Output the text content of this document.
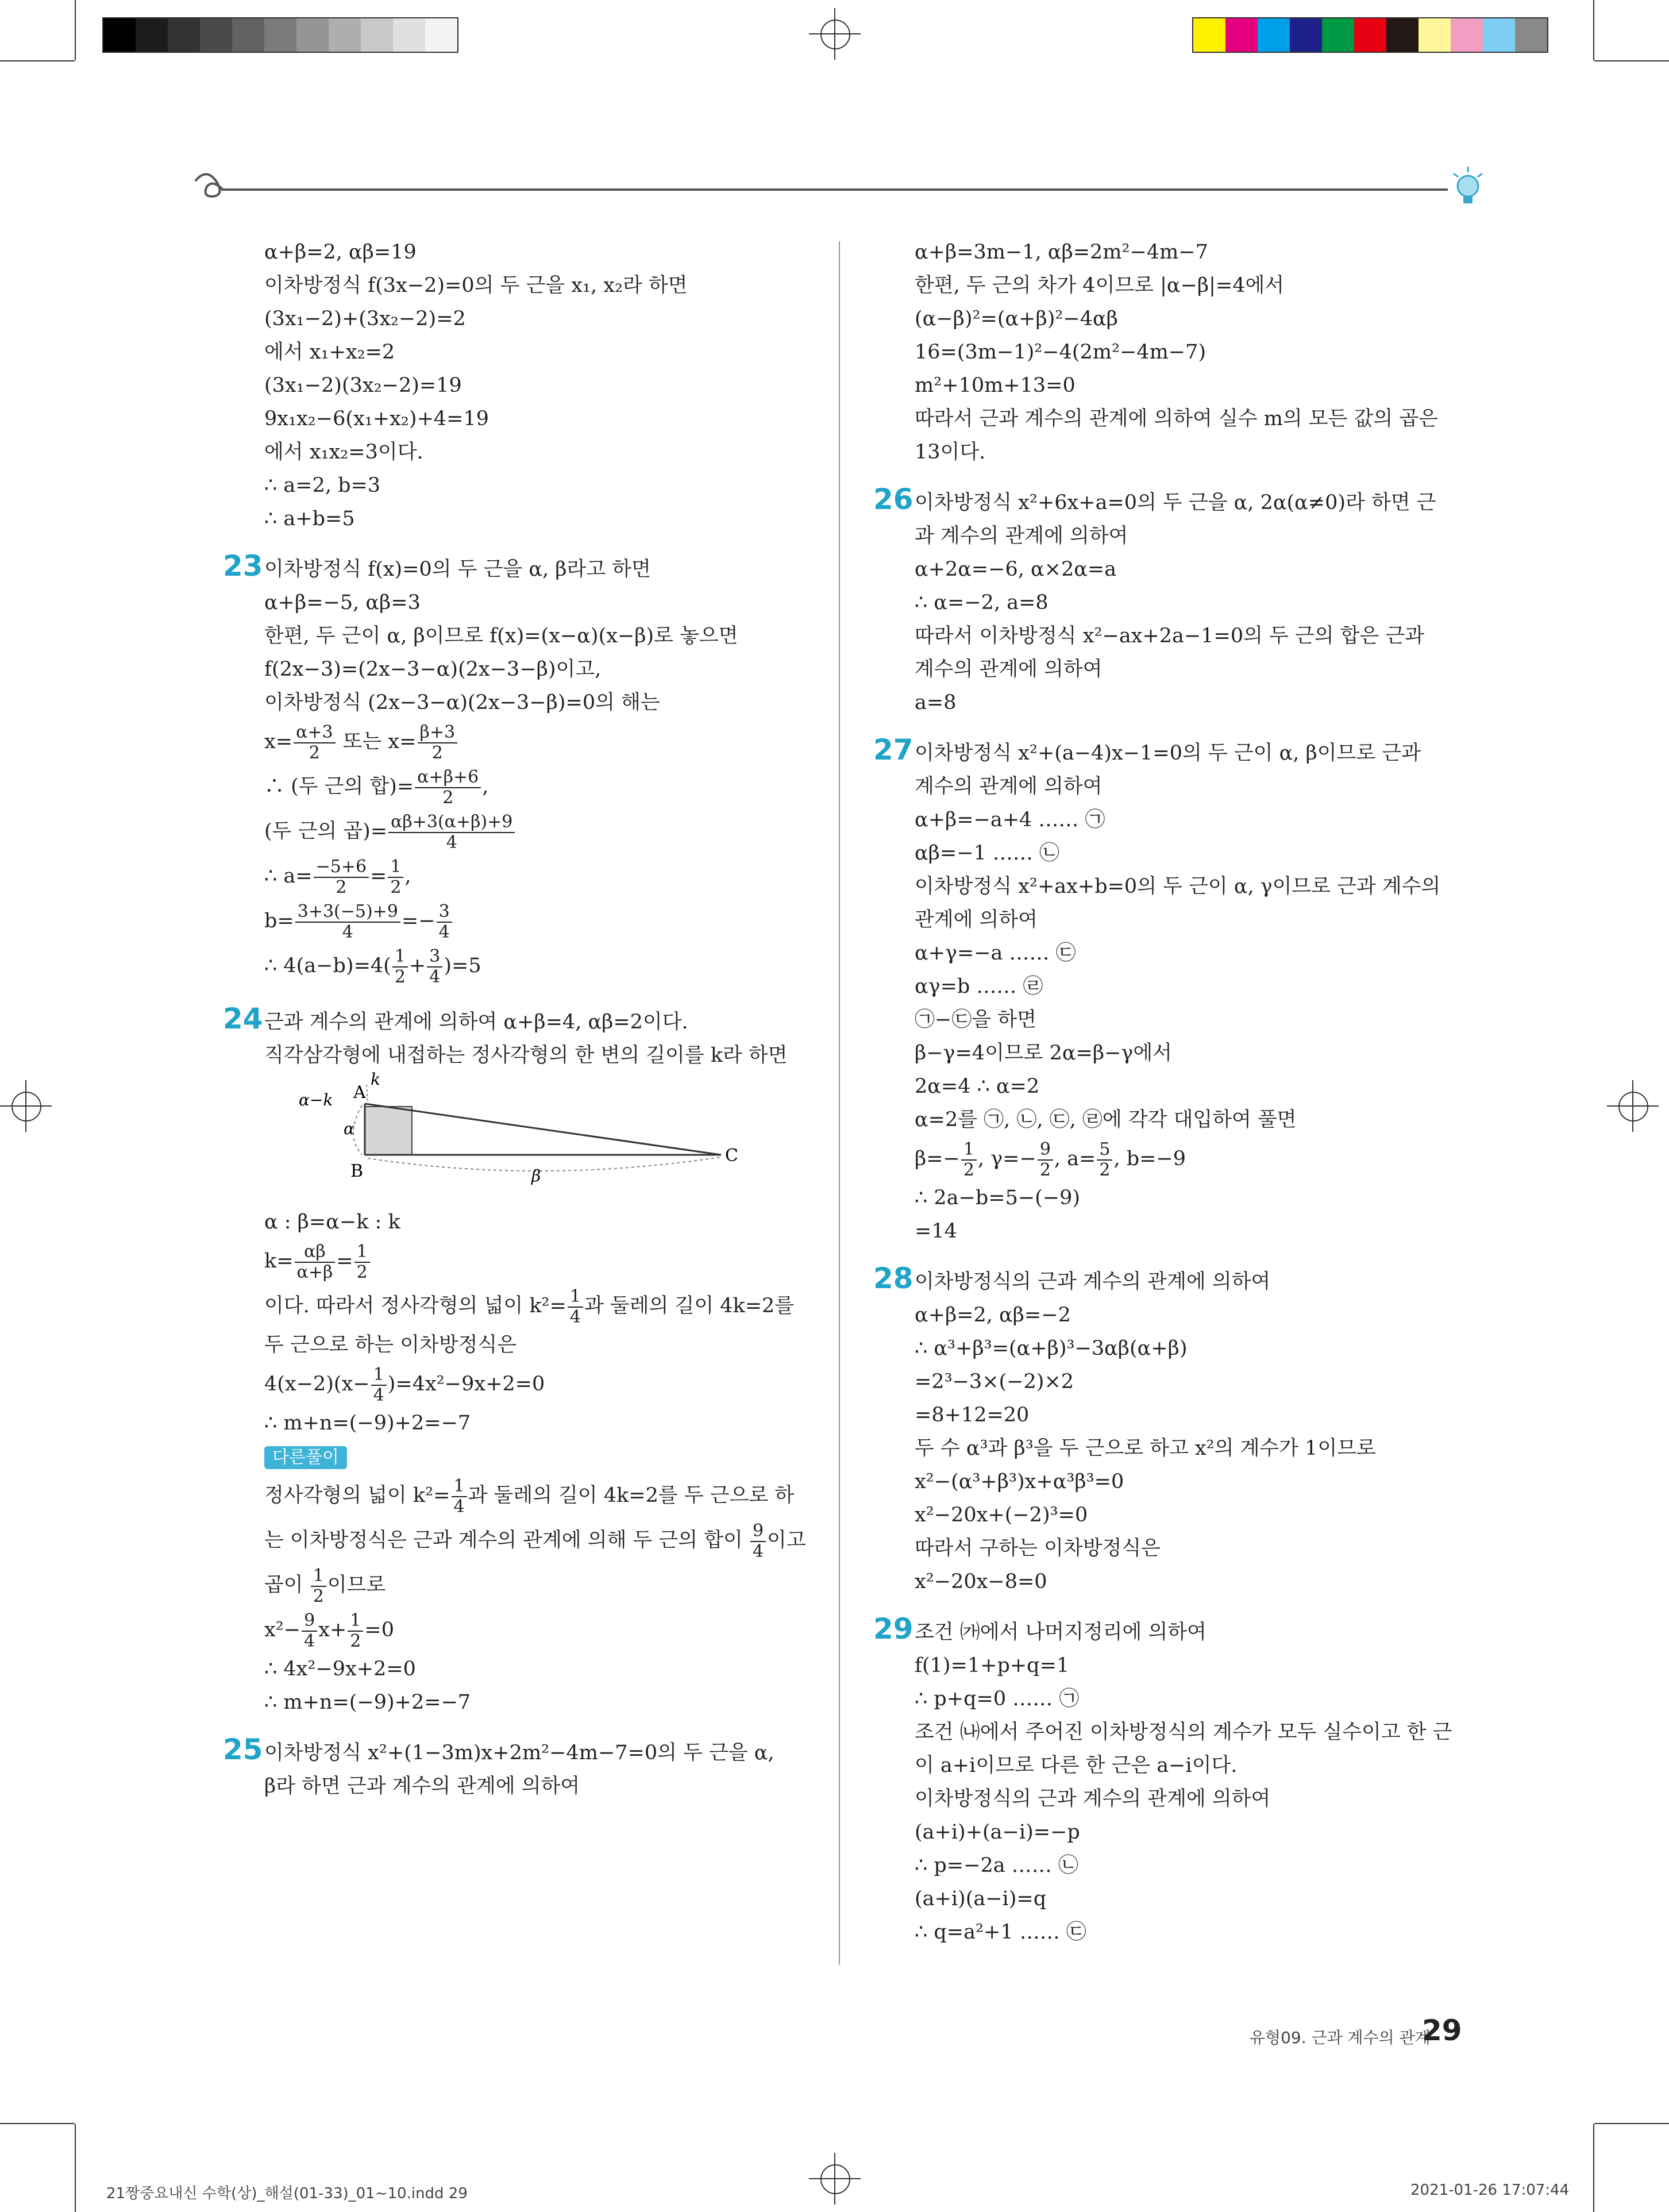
α+β=2, αβ=19
이차방정식 f(3x−2)=0의 두 근을 x₁, x₂라 하면
(3x₁−2)+(3x₂−2)=2
에서 x₁+x₂=2
(3x₁−2)(3x₂−2)=19
9x₁x₂−6(x₁+x₂)+4=19
에서 x₁x₂=3이다.
∴ a=2, b=3
∴ a+b=5
23 이차방정식 f(x)=0의 두 근을 α, β라고 하면
α+β=−5, αβ=3
한편, 두 근이 α, β이므로 f(x)=(x−α)(x−β)로 놓으면
f(2x−3)=(2x−3−α)(2x−3−β)이고,
이차방정식 (2x−3−α)(2x−3−β)=0의 해는
$x= \frac{\alpha+3}{2}$ 또는 $x= \frac{\beta+3}{2}$
∴ (두 근의 합)= $\frac{\alpha+\beta+6}{2}$ ,
(두 근의 곱)= $\frac{\alpha\beta+3(\alpha+\beta)+9}{4}$
∴ $a= \frac{-5+6}{2} = \frac{1}{2}$ ,
$b= \frac{3+3(-5)+9}{4} =- \frac{3}{4}$
∴ $4(a-b)=4( \frac{1}{2} + \frac{3}{4} )=5$
24 근과 계수의 관계에 의하여 α+β=4, αβ=2이다.
직각삼각형에 내접하는 정사각형의 한 변의 길이를 k라 하면
A
B
C
k
α−k
α
β
α : β=α−k : k
$k= \frac{\alpha\beta}{\alpha+\beta} = \frac{1}{2}$
이다. 따라서 정사각형의 넓이 $k^2= \frac{1}{4}$ 과 둘레의 길이 4k=2를
두 근으로 하는 이차방정식은
$4(x-2)(x- \frac{1}{4} )=4x^2-9x+2=0$
∴ m+n=(−9)+2=−7
다른풀이
정사각형의 넓이 $k^2= \frac{1}{4}$ 과 둘레의 길이 4k=2를 두 근으로 하
는 이차방정식은 근과 계수의 관계에 의해 두 근의 합이 $\frac{9}{4}$ 이고
곱이 $\frac{1}{2}$ 이므로
$x^2- \frac{9}{4} x+ \frac{1}{2} =0$
∴ 4x²−9x+2=0
∴ m+n=(−9)+2=−7
25 이차방정식 x²+(1−3m)x+2m²−4m−7=0의 두 근을 α,
β라 하면 근과 계수의 관계에 의하여
α+β=3m−1, αβ=2m²−4m−7
한편, 두 근의 차가 4이므로 |α−β|=4에서
(α−β)²=(α+β)²−4αβ
16=(3m−1)²−4(2m²−4m−7)
m²+10m+13=0
따라서 근과 계수의 관계에 의하여 실수 m의 모든 값의 곱은
13이다.
26 이차방정식 x²+6x+a=0의 두 근을 α, 2α(α≠0)라 하면 근
과 계수의 관계에 의하여
α+2α=−6, α×2α=a
∴ α=−2, a=8
따라서 이차방정식 x²−ax+2a−1=0의 두 근의 합은 근과
계수의 관계에 의하여
a=8
27 이차방정식 x²+(a−4)x−1=0의 두 근이 α, β이므로 근과
계수의 관계에 의하여
α+β=−a+4 …… ㉠
αβ=−1 …… ㉡
이차방정식 x²+ax+b=0의 두 근이 α, γ이므로 근과 계수의
관계에 의하여
α+γ=−a …… ㉢
αγ=b …… ㉣
㉠−㉢을 하면
β−γ=4이므로 2α=β−γ에서
2α=4 ∴ α=2
α=2를 ㉠, ㉡, ㉢, ㉣에 각각 대입하여 풀면
$\beta=- \frac{1}{2}$ , $\gamma=- \frac{9}{2}$ , $a= \frac{5}{2}$ , b=−9
∴ 2a−b=5−(−9)
=14
28 이차방정식의 근과 계수의 관계에 의하여
α+β=2, αβ=−2
∴ α³+β³=(α+β)³−3αβ(α+β)
=2³−3×(−2)×2
=8+12=20
두 수 α³과 β³을 두 근으로 하고 x²의 계수가 1이므로
x²−(α³+β³)x+α³β³=0
x²−20x+(−2)³=0
따라서 구하는 이차방정식은
x²−20x−8=0
29 조건 ㈎에서 나머지정리에 의하여
f(1)=1+p+q=1
∴ p+q=0 …… ㉠
조건 ㈏에서 주어진 이차방정식의 계수가 모두 실수이고 한 근
이 a+i이므로 다른 한 근은 a−i이다.
이차방정식의 근과 계수의 관계에 의하여
(a+i)+(a−i)=−p
∴ p=−2a …… ㉡
(a+i)(a−i)=q
∴ q=a²+1 …… ㉢
유형09. 근과 계수의 관계
29
21짱중요내신 수학(상)_해설(01-33)_01~10.indd 29	2021-01-26 17:07:44
